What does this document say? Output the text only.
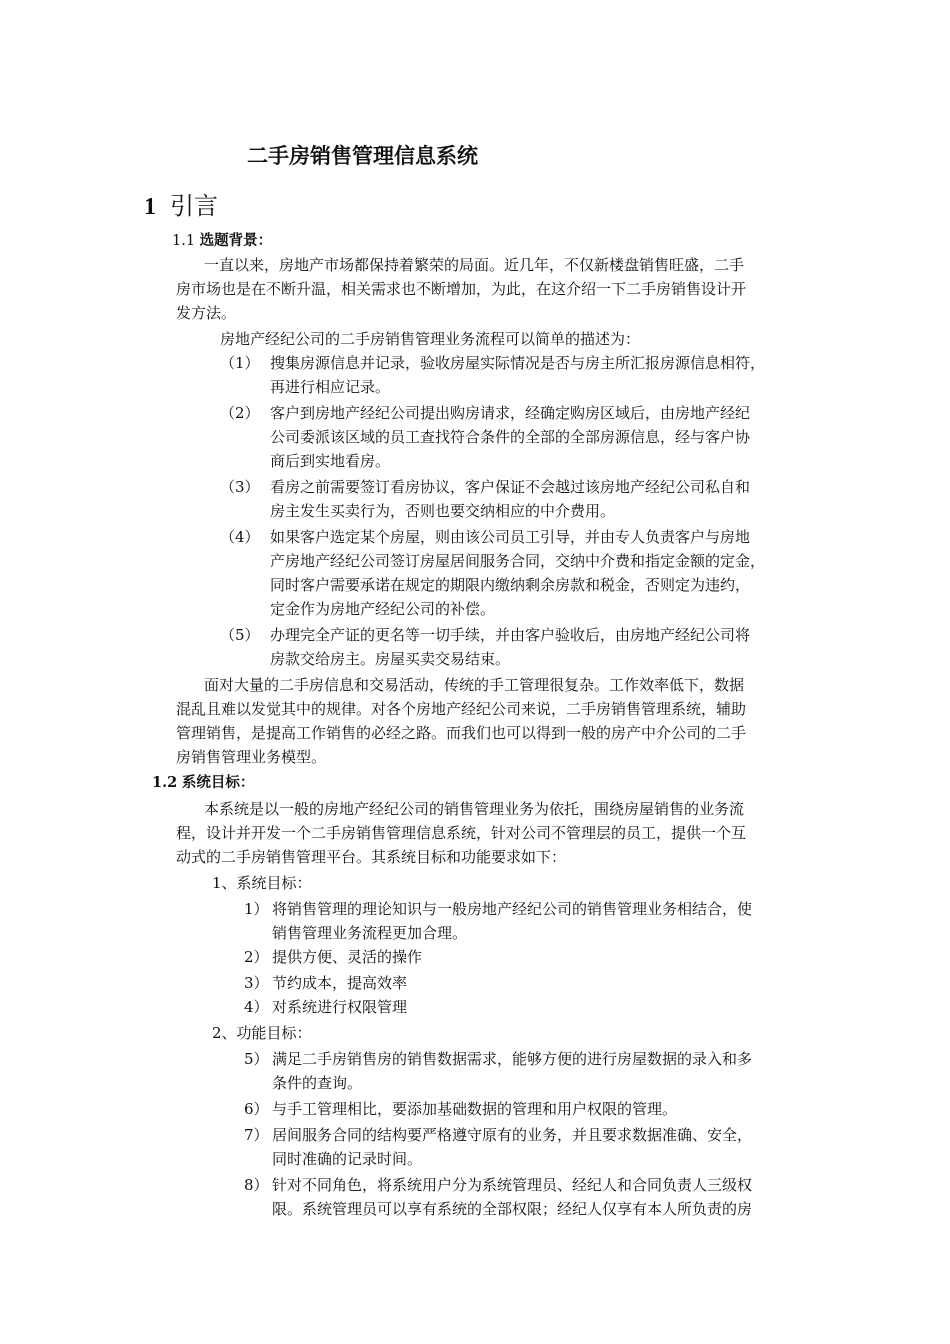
二手房销售管理信息系统
1 引言
1.1 选题背景：
一直以来，房地产市场都保持着繁荣的局面。近几年，不仅新楼盘销售旺盛，二手
房市场也是在不断升温，相关需求也不断增加，为此，在这介绍一下二手房销售设计开
发方法。
房地产经纪公司的二手房销售管理业务流程可以简单的描述为：
（1） 搜集房源信息并记录，验收房屋实际情况是否与房主所汇报房源信息相符，
再进行相应记录。
（2） 客户到房地产经纪公司提出购房请求，经确定购房区域后，由房地产经纪
公司委派该区域的员工查找符合条件的全部的全部房源信息，经与客户协
商后到实地看房。
（3） 看房之前需要签订看房协议，客户保证不会越过该房地产经纪公司私自和
房主发生买卖行为，否则也要交纳相应的中介费用。
（4） 如果客户选定某个房屋，则由该公司员工引导，并由专人负责客户与房地
产房地产经纪公司签订房屋居间服务合同，交纳中介费和指定金额的定金，
同时客户需要承诺在规定的期限内缴纳剩余房款和税金，否则定为违约，
定金作为房地产经纪公司的补偿。
（5） 办理完全产证的更名等一切手续，并由客户验收后，由房地产经纪公司将
房款交给房主。房屋买卖交易结束。
面对大量的二手房信息和交易活动，传统的手工管理很复杂。工作效率低下，数据
混乱且难以发觉其中的规律。对各个房地产经纪公司来说，二手房销售管理系统，辅助
管理销售，是提高工作销售的必经之路。而我们也可以得到一般的房产中介公司的二手
房销售管理业务模型。
1.2 系统目标：
本系统是以一般的房地产经纪公司的销售管理业务为依托，围绕房屋销售的业务流
程，设计并开发一个二手房销售管理信息系统，针对公司不管理层的员工，提供一个互
动式的二手房销售管理平台。其系统目标和功能要求如下：
1、系统目标：
1） 将销售管理的理论知识与一般房地产经纪公司的销售管理业务相结合，使
销售管理业务流程更加合理。
2） 提供方便、灵活的操作
3） 节约成本，提高效率
4） 对系统进行权限管理
2、功能目标：
5） 满足二手房销售房的销售数据需求，能够方便的进行房屋数据的录入和多
条件的查询。
6） 与手工管理相比，要添加基础数据的管理和用户权限的管理。
7） 居间服务合同的结构要严格遵守原有的业务，并且要求数据准确、安全，
同时准确的记录时间。
8） 针对不同角色，将系统用户分为系统管理员、经纪人和合同负责人三级权
限。系统管理员可以享有系统的全部权限；经纪人仅享有本人所负责的房
